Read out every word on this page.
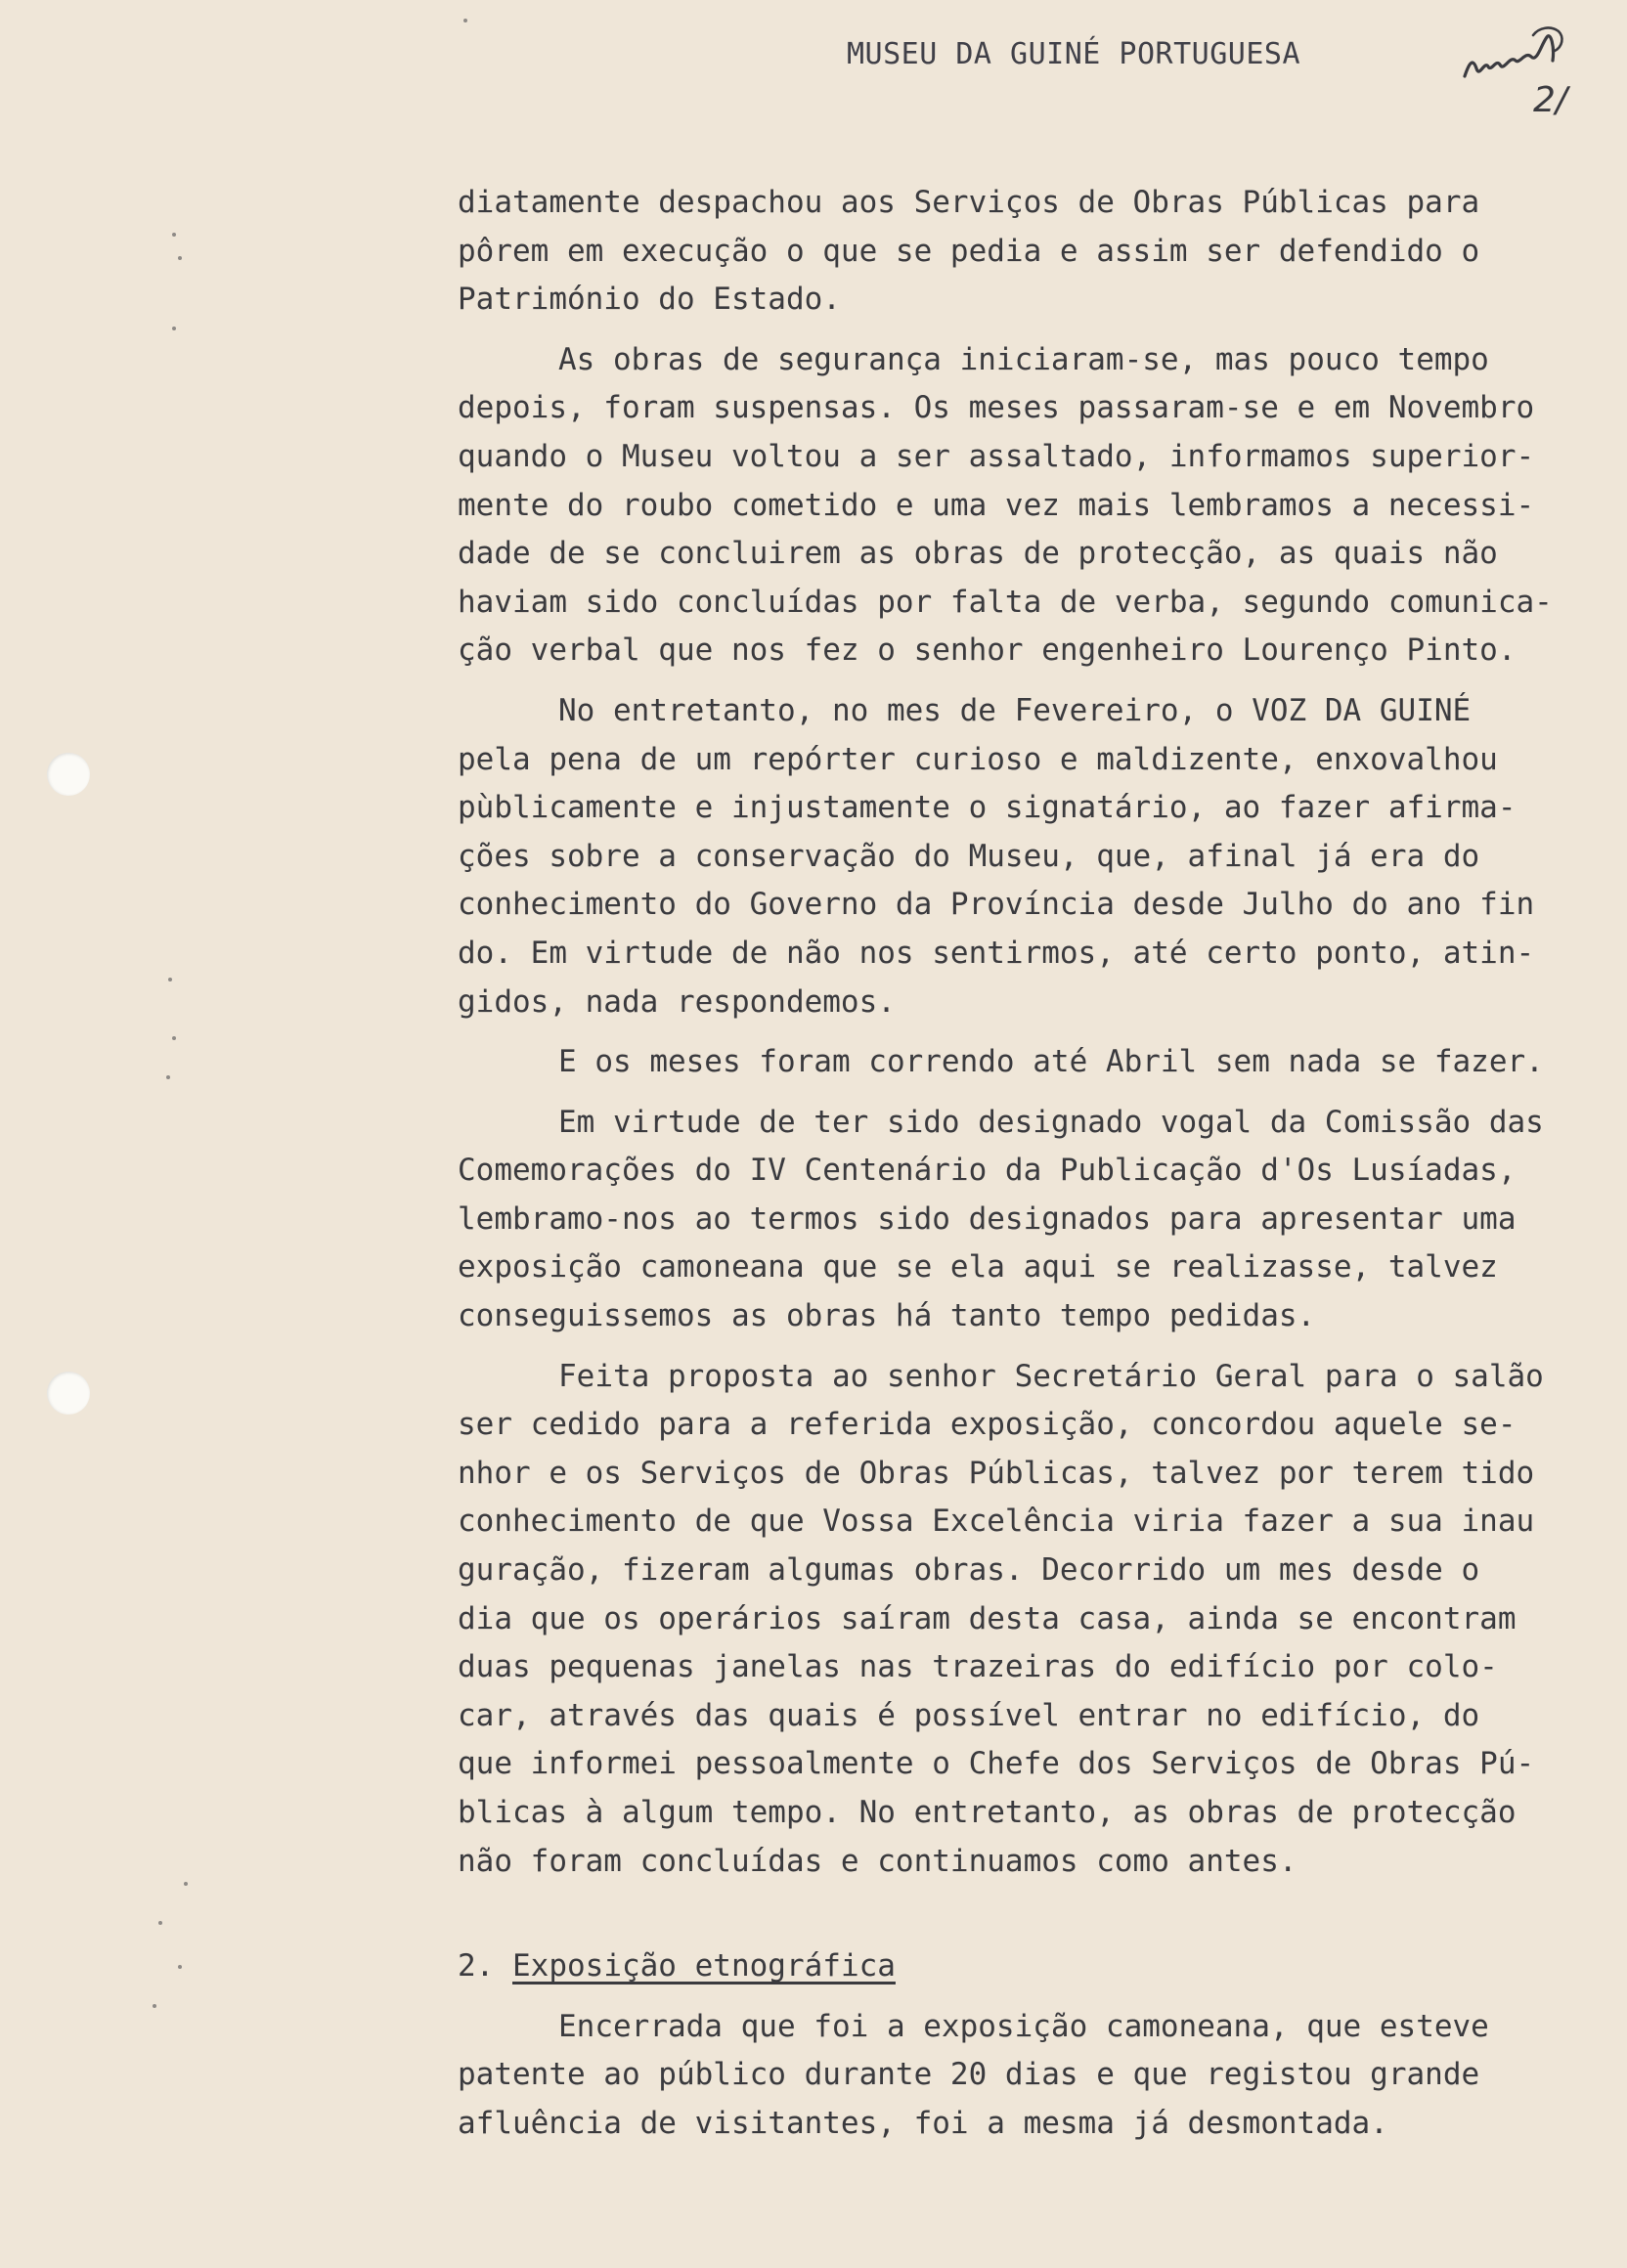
MUSEU DA GUINÉ PORTUGUESA
2/

diatamente despachou aos Serviços de Obras Públicas para
pôrem em execução o que se pedia e assim ser defendido o
Património do Estado.

As obras de segurança iniciaram-se, mas pouco tempo
depois, foram suspensas. Os meses passaram-se e em Novembro
quando o Museu voltou a ser assaltado, informamos superior-
mente do roubo cometido e uma vez mais lembramos a necessi-
dade de se concluirem as obras de protecção, as quais não
haviam sido concluídas por falta de verba, segundo comunica-
ção verbal que nos fez o senhor engenheiro Lourenço Pinto.

No entretanto, no mes de Fevereiro, o VOZ DA GUINÉ
pela pena de um repórter curioso e maldizente, enxovalhou
pùblicamente e injustamente o signatário, ao fazer afirma-
ções sobre a conservação do Museu, que, afinal já era do
conhecimento do Governo da Província desde Julho do ano fin
do. Em virtude de não nos sentirmos, até certo ponto, atin-
gidos, nada respondemos.

E os meses foram correndo até Abril sem nada se fazer.

Em virtude de ter sido designado vogal da Comissão das
Comemorações do IV Centenário da Publicação d'Os Lusíadas,
lembramo-nos ao termos sido designados para apresentar uma
exposição camoneana que se ela aqui se realizasse, talvez
conseguissemos as obras há tanto tempo pedidas.

Feita proposta ao senhor Secretário Geral para o salão
ser cedido para a referida exposição, concordou aquele se-
nhor e os Serviços de Obras Públicas, talvez por terem tido
conhecimento de que Vossa Excelência viria fazer a sua inau
guração, fizeram algumas obras. Decorrido um mes desde o
dia que os operários saíram desta casa, ainda se encontram
duas pequenas janelas nas trazeiras do edifício por colo-
car, através das quais é possível entrar no edifício, do
que informei pessoalmente o Chefe dos Serviços de Obras Pú-
blicas à algum tempo. No entretanto, as obras de protecção
não foram concluídas e continuamos como antes.

2. Exposição etnográfica

Encerrada que foi a exposição camoneana, que esteve
patente ao público durante 20 dias e que registou grande
afluência de visitantes, foi a mesma já desmontada.
